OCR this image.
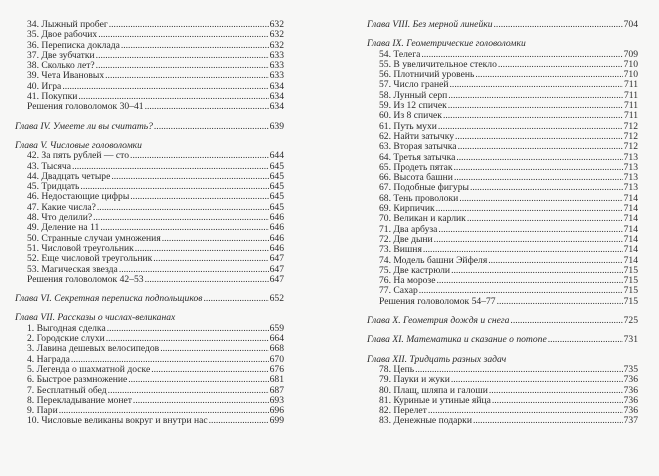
34. Лыжный пробег . . .	632
35. Двое рабочих . . .	632
36. Переписка доклада . . .	632
37. Две зубчатки . . .	633
38. Сколько лет? . . .	633
39. Чета Ивановых . . .	633
40. Игра . . .	634
41. Покупки . . .	634
Решения головоломок 30–41 . . .	634
Глава IV. Умеете ли вы считать? . . .	639
Глава V. Числовые головоломки
42. За пять рублей — сто . . .	644
43. Тысяча . . .	645
44. Двадцать четыре . . .	645
45. Тридцать . . .	645
46. Недостающие цифры . . .	645
47. Какие числа? . . .	645
48. Что делили? . . .	646
49. Деление на 11 . . .	646
50. Странные случаи умножения . . .	646
51. Числовой треугольник . . .	646
52. Еще числовой треугольник . . .	647
53. Магическая звезда . . .	647
Решения головоломок 42–53 . . .	647
Глава VI. Секретная переписка подпольщиков . . .	652
Глава VII. Рассказы о числах-великанах
1. Выгодная сделка . . .	659
2. Городские слухи . . .	664
3. Лавина дешевых велосипедов . . .	668
4. Награда . . .	670
5. Легенда о шахматной доске . . .	676
6. Быстрое размножение . . .	681
7. Бесплатный обед . . .	687
8. Перекладывание монет . . .	693
9. Пари . . .	696
10. Числовые великаны вокруг и внутри нас . . .	699
Глава VIII. Без мерной линейки . . .	704
Глава IX. Геометрические головоломки
54. Телега . . .	709
55. В увеличительное стекло . . .	710
56. Плотничий уровень . . .	710
57. Число граней . . .	711
58. Лунный серп . . .	711
59. Из 12 спичек . . .	711
60. Из 8 спичек . . .	711
61. Путь мухи . . .	712
62. Найти затычку . . .	712
63. Вторая затычка . . .	712
64. Третья затычка . . .	713
65. Продеть пятак . . .	713
66. Высота башни . . .	713
67. Подобные фигуры . . .	713
68. Тень проволоки . . .	714
69. Кирпичик . . .	714
70. Великан и карлик . . .	714
71. Два арбуза . . .	714
72. Две дыни . . .	714
73. Вишня . . .	714
74. Модель башни Эйфеля . . .	714
75. Две кастрюли . . .	715
76. На морозе . . .	715
77. Сахар . . .	715
Решения головоломок 54–77 . . .	715
Глава X. Геометрия дождя и снега . . .	725
Глава XI. Математика и сказание о потопе . . .	731
Глава XII. Тридцать разных задач
78. Цепь . . .	735
79. Пауки и жуки . . .	736
80. Плащ, шляпа и галоши . . .	736
81. Куриные и утиные яйца . . .	736
82. Перелет . . .	736
83. Денежные подарки . . .	737
